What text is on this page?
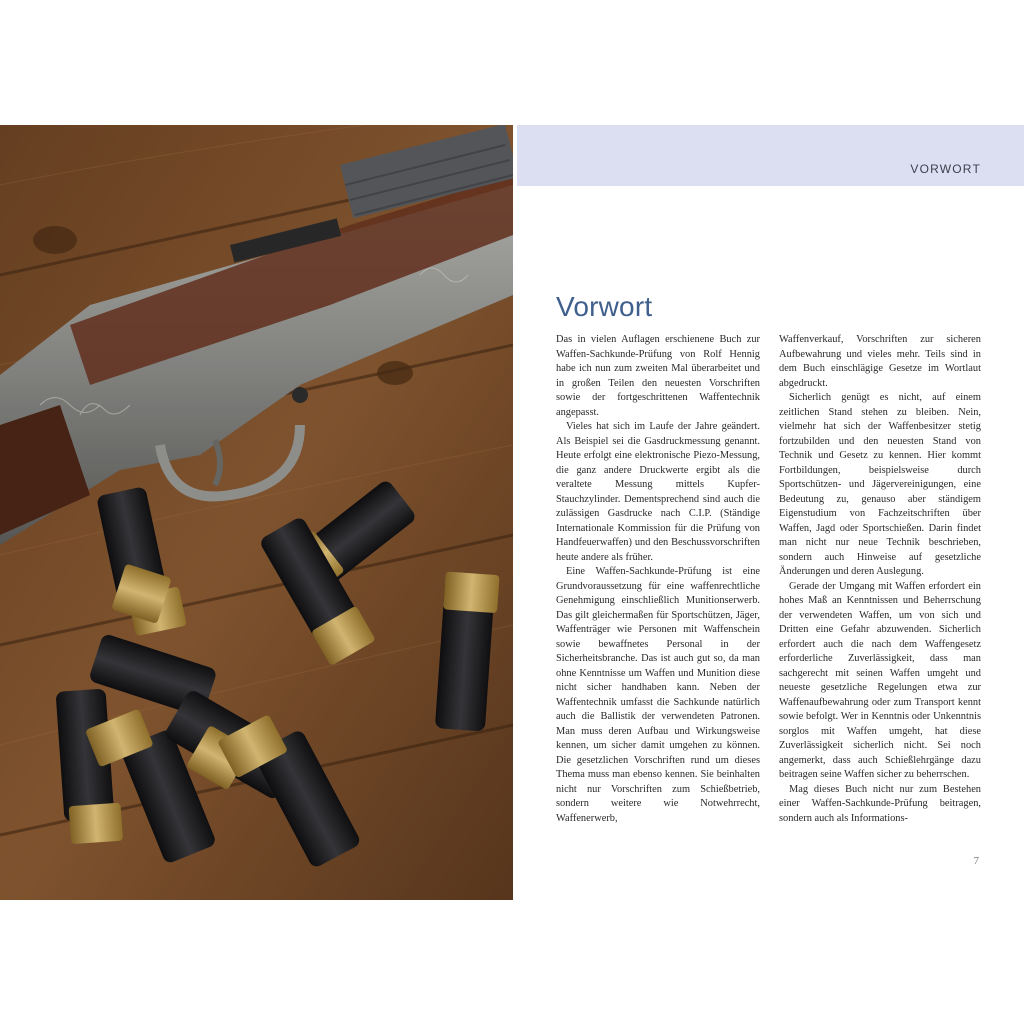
VORWORT
Vorwort

Das in vielen Auflagen erschienene Buch zur Waffen-Sachkunde-Prüfung von Rolf Hennig habe ich nun zum zweiten Mal überarbeitet und in großen Teilen den neuesten Vorschriften sowie der fortgeschrittenen Waffentechnik angepasst.

Vieles hat sich im Laufe der Jahre geändert. Als Beispiel sei die Gasdruckmessung genannt. Heute erfolgt eine elektronische Piezo-Messung, die ganz andere Druckwerte ergibt als die veraltete Messung mittels Kupfer-Stauchzylinder. Dementsprechend sind auch die zulässigen Gasdrucke nach C.I.P. (Ständige Internationale Kommission für die Prüfung von Handfeuerwaffen) und den Beschussvorschriften heute andere als früher.

Eine Waffen-Sachkunde-Prüfung ist eine Grundvoraussetzung für eine waffenrechtliche Genehmigung einschließlich Munitionserwerb. Das gilt gleichermaßen für Sportschützen, Jäger, Waffenträger wie Personen mit Waffenschein sowie bewaffnetes Personal in der Sicherheitsbranche. Das ist auch gut so, da man ohne Kenntnisse um Waffen und Munition diese nicht sicher handhaben kann. Neben der Waffentechnik umfasst die Sachkunde natürlich auch die Ballistik der verwendeten Patronen. Man muss deren Aufbau und Wirkungsweise kennen, um sicher damit umgehen zu können. Die gesetzlichen Vorschriften rund um dieses Thema muss man ebenso kennen. Sie beinhalten nicht nur Vorschriften zum Schießbetrieb, sondern weitere wie Notwehrrecht, Waffenerwerb,

Waffenverkauf, Vorschriften zur sicheren Aufbewahrung und vieles mehr. Teils sind in dem Buch einschlägige Gesetze im Wortlaut abgedruckt.

Sicherlich genügt es nicht, auf einem zeitlichen Stand stehen zu bleiben. Nein, vielmehr hat sich der Waffenbesitzer stetig fortzubilden und den neuesten Stand von Technik und Gesetz zu kennen. Hier kommt Fortbildungen, beispielsweise durch Sportschützen- und Jägervereinigungen, eine Bedeutung zu, genauso aber ständigem Eigenstudium von Fachzeitschriften über Waffen, Jagd oder Sportschießen. Darin findet man nicht nur neue Technik beschrieben, sondern auch Hinweise auf gesetzliche Änderungen und deren Auslegung.

Gerade der Umgang mit Waffen erfordert ein hohes Maß an Kenntnissen und Beherrschung der verwendeten Waffen, um von sich und Dritten eine Gefahr abzuwenden. Sicherlich erfordert auch die nach dem Waffengesetz erforderliche Zuverlässigkeit, dass man sachgerecht mit seinen Waffen umgeht und neueste gesetzliche Regelungen etwa zur Waffenaufbewahrung oder zum Transport kennt sowie befolgt. Wer in Kenntnis oder Unkenntnis sorglos mit Waffen umgeht, hat diese Zuverlässigkeit sicherlich nicht. Sei noch angemerkt, dass auch Schießlehrgänge dazu beitragen seine Waffen sicher zu beherrschen.

Mag dieses Buch nicht nur zum Bestehen einer Waffen-Sachkunde-Prüfung beitragen, sondern auch als Informations-

7
